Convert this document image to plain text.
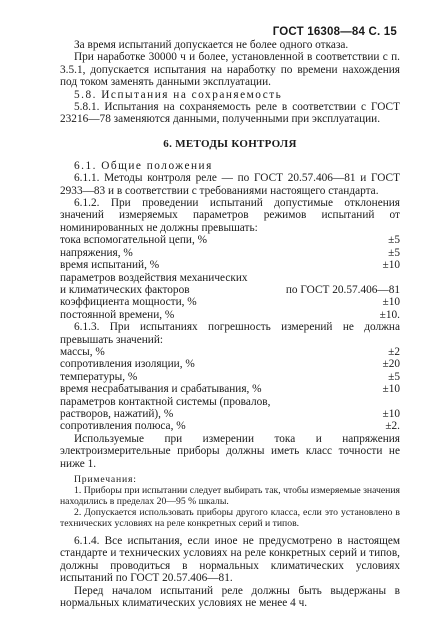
ГОСТ 16308—84 С. 15

За время испытаний допускается не более одного отказа.

При наработке 30000 ч и более, установленной в соответствии с п. 3.5.1, допускается испытания на наработку по времени нахождения под током заменять данными эксплуатации.

5.8. Испытания на сохраняемость

5.8.1. Испытания на сохраняемость реле в соответствии с ГОСТ 23216—78 заменяются данными, полученными при эксплуатации.

6. МЕТОДЫ КОНТРОЛЯ

6.1. Общие положения

6.1.1. Методы контроля реле — по ГОСТ 20.57.406—81 и ГОСТ 2933—83 и в соответствии с требованиями настоящего стандарта.

6.1.2. При проведении испытаний допустимые отклонения значений измеряемых параметров режимов испытаний от номинированных не должны превышать:

тока вспомогательной цепи, %	±5
напряжения, %	±5
время испытаний, %	±10
параметров воздействия механических
и климатических факторов	по ГОСТ 20.57.406—81
коэффициента мощности, %	±10
постоянной времени, %	±10.

6.1.3. При испытаниях погрешность измерений не должна превышать значений:

массы, %	±2
сопротивления изоляции, %	±20
температуры, %	±5
время несрабатывания и срабатывания, %	±10
параметров контактной системы (провалов,
растворов, нажатий), %	±10
сопротивления полюса, %	±2.

Используемые при измерении тока и напряжения электроизмерительные приборы должны иметь класс точности не ниже 1.

Примечания:

1. Приборы при испытании следует выбирать так, чтобы измеряемые значения находились в пределах 20—95 % шкалы.

2. Допускается использовать приборы другого класса, если это установлено в технических условиях на реле конкретных серий и типов.

6.1.4. Все испытания, если иное не предусмотрено в настоящем стандарте и технических условиях на реле конкретных серий и типов, должны проводиться в нормальных климатических условиях испытаний по ГОСТ 20.57.406—81.

Перед началом испытаний реле должны быть выдержаны в нормальных климатических условиях не менее 4 ч.
